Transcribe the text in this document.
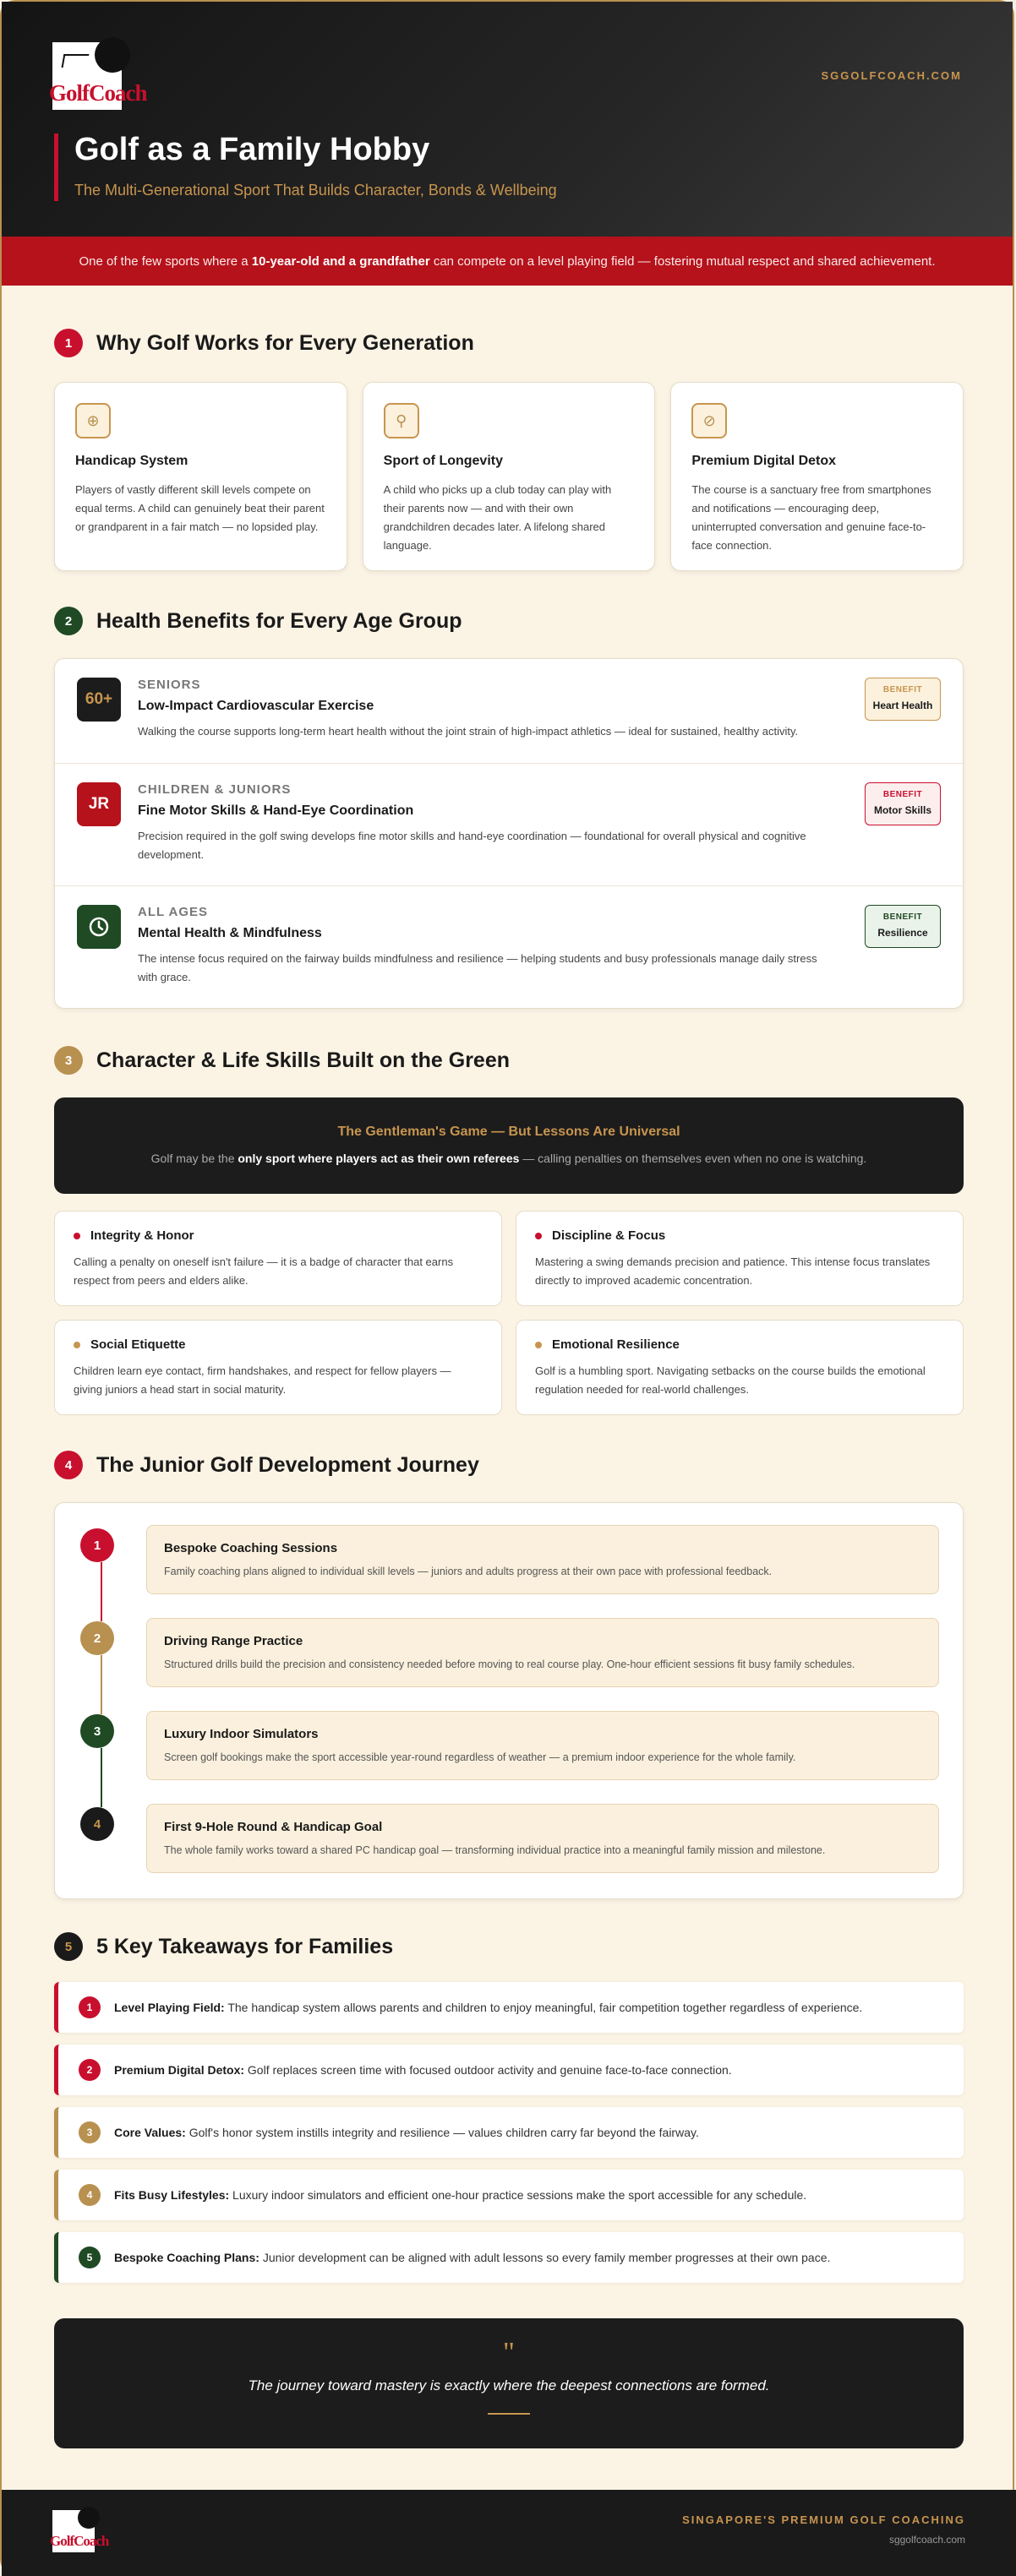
GolfCoach
SGGOLFCOACH.COM
Golf as a Family Hobby
The Multi-Generational Sport That Builds Character, Bonds & Wellbeing
One of the few sports where a
10-year-old and a grandfather
can compete on a level playing field — fostering mutual respect and shared achievement.
1	Why Golf Works for Every Generation
⊕
Handicap System
Players of vastly different skill levels compete on equal terms. A child can genuinely beat their parent or grandparent in a fair match — no lopsided play.
⚲
Sport of Longevity
A child who picks up a club today can play with their parents now — and with their own grandchildren decades later. A lifelong shared language.
⊘
Premium Digital Detox
The course is a sanctuary free from smartphones and notifications — encouraging deep, uninterrupted conversation and genuine face-to-face connection.
2	Health Benefits for Every Age Group
60+
SENIORS
Low-Impact Cardiovascular Exercise
Walking the course supports long-term heart health without the joint strain of high-impact athletics — ideal for sustained, healthy activity.
BENEFIT
Heart Health
JR
CHILDREN & JUNIORS
Fine Motor Skills & Hand-Eye Coordination
Precision required in the golf swing develops fine motor skills and hand-eye coordination — foundational for overall physical and cognitive development.
BENEFIT
Motor Skills
ALL AGES
Mental Health & Mindfulness
The intense focus required on the fairway builds mindfulness and resilience — helping students and busy professionals manage daily stress with grace.
BENEFIT
Resilience
3	Character & Life Skills Built on the Green
The Gentleman's Game — But Lessons Are Universal
Golf may be the only sport where players act as their own referees — calling penalties on themselves even when no one is watching.
Integrity & Honor
Calling a penalty on oneself isn't failure — it is a badge of character that earns respect from peers and elders alike.
Discipline & Focus
Mastering a swing demands precision and patience. This intense focus translates directly to improved academic concentration.
Social Etiquette
Children learn eye contact, firm handshakes, and respect for fellow players — giving juniors a head start in social maturity.
Emotional Resilience
Golf is a humbling sport. Navigating setbacks on the course builds the emotional regulation needed for real-world challenges.
4	The Junior Golf Development Journey
1	Bespoke Coaching Sessions
Family coaching plans aligned to individual skill levels — juniors and adults progress at their own pace with professional feedback.
2	Driving Range Practice
Structured drills build the precision and consistency needed before moving to real course play. One-hour efficient sessions fit busy family schedules.
3	Luxury Indoor Simulators
Screen golf bookings make the sport accessible year-round regardless of weather — a premium indoor experience for the whole family.
4	First 9-Hole Round & Handicap Goal
The whole family works toward a shared PC handicap goal — transforming individual practice into a meaningful family mission and milestone.
5	5 Key Takeaways for Families
1	Level Playing Field: The handicap system allows parents and children to enjoy meaningful, fair competition together regardless of experience.
2	Premium Digital Detox: Golf replaces screen time with focused outdoor activity and genuine face-to-face connection.
3	Core Values: Golf's honor system instills integrity and resilience — values children carry far beyond the fairway.
4	Fits Busy Lifestyles: Luxury indoor simulators and efficient one-hour practice sessions make the sport accessible for any schedule.
5	Bespoke Coaching Plans: Junior development can be aligned with adult lessons so every family member progresses at their own pace.
"
The journey toward mastery is exactly where the deepest connections are formed.
GolfCoach
SINGAPORE'S PREMIUM GOLF COACHING
sggolfcoach.com
